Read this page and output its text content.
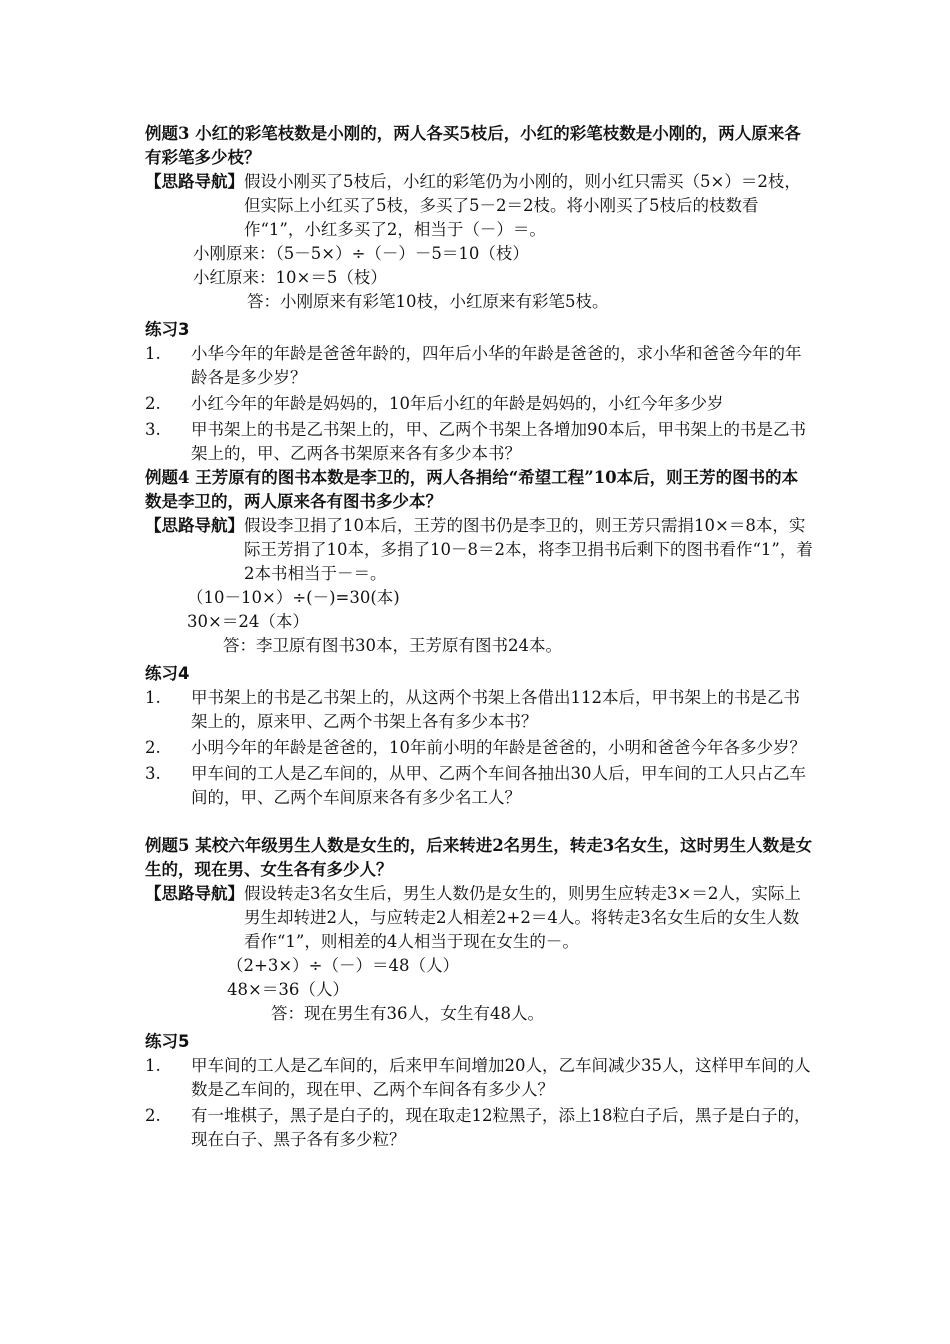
例题3 小红的彩笔枝数是小刚的，两人各买5枝后，小红的彩笔枝数是小刚的，两人原来各有彩笔多少枝？
【思路导航】 假设小刚买了5枝后，小红的彩笔仍为小刚的，则小红只需买（5×）＝2枝，但实际上小红买了5枝，多买了5－2＝2枝。将小刚买了5枝后的枝数看作“1”，小红多买了2，相当于（－）＝。
小刚原来：（5－5×）÷（－）－5＝10（枝）
小红原来：10×＝5（枝）
答：小刚原来有彩笔10枝，小红原来有彩笔5枝。
练习3
1.	小华今年的年龄是爸爸年龄的，四年后小华的年龄是爸爸的，求小华和爸爸今年的年龄各是多少岁？
2.	小红今年的年龄是妈妈的，10年后小红的年龄是妈妈的，小红今年多少岁
3.	甲书架上的书是乙书架上的，甲、乙两个书架上各增加90本后，甲书架上的书是乙书架上的，甲、乙两各书架原来各有多少本书？
例题4 王芳原有的图书本数是李卫的，两人各捐给“希望工程”10本后，则王芳的图书的本数是李卫的，两人原来各有图书多少本？
【思路导航】 假设李卫捐了10本后，王芳的图书仍是李卫的，则王芳只需捐10×＝8本，实际王芳捐了10本，多捐了10－8＝2本，将李卫捐书后剩下的图书看作“1”，着2本书相当于－＝。
（10－10×）÷(－)=30(本)
30×＝24（本）
答：李卫原有图书30本，王芳原有图书24本。
练习4
1.	甲书架上的书是乙书架上的，从这两个书架上各借出112本后，甲书架上的书是乙书架上的，原来甲、乙两个书架上各有多少本书？
2.	小明今年的年龄是爸爸的，10年前小明的年龄是爸爸的，小明和爸爸今年各多少岁？
3.	甲车间的工人是乙车间的，从甲、乙两个车间各抽出30人后，甲车间的工人只占乙车间的，甲、乙两个车间原来各有多少名工人？
例题5 某校六年级男生人数是女生的，后来转进2名男生，转走3名女生，这时男生人数是女生的，现在男、女生各有多少人？
【思路导航】 假设转走3名女生后，男生人数仍是女生的，则男生应转走3×＝2人，实际上男生却转进2人，与应转走2人相差2+2＝4人。将转走3名女生后的女生人数看作“1”，则相差的4人相当于现在女生的－。
（2+3×）÷（－）＝48（人）
48×＝36（人）
答：现在男生有36人，女生有48人。
练习5
1.	甲车间的工人是乙车间的，后来甲车间增加20人，乙车间减少35人，这样甲车间的人数是乙车间的，现在甲、乙两个车间各有多少人？
2.	有一堆棋子，黑子是白子的，现在取走12粒黑子，添上18粒白子后，黑子是白子的，现在白子、黑子各有多少粒？
